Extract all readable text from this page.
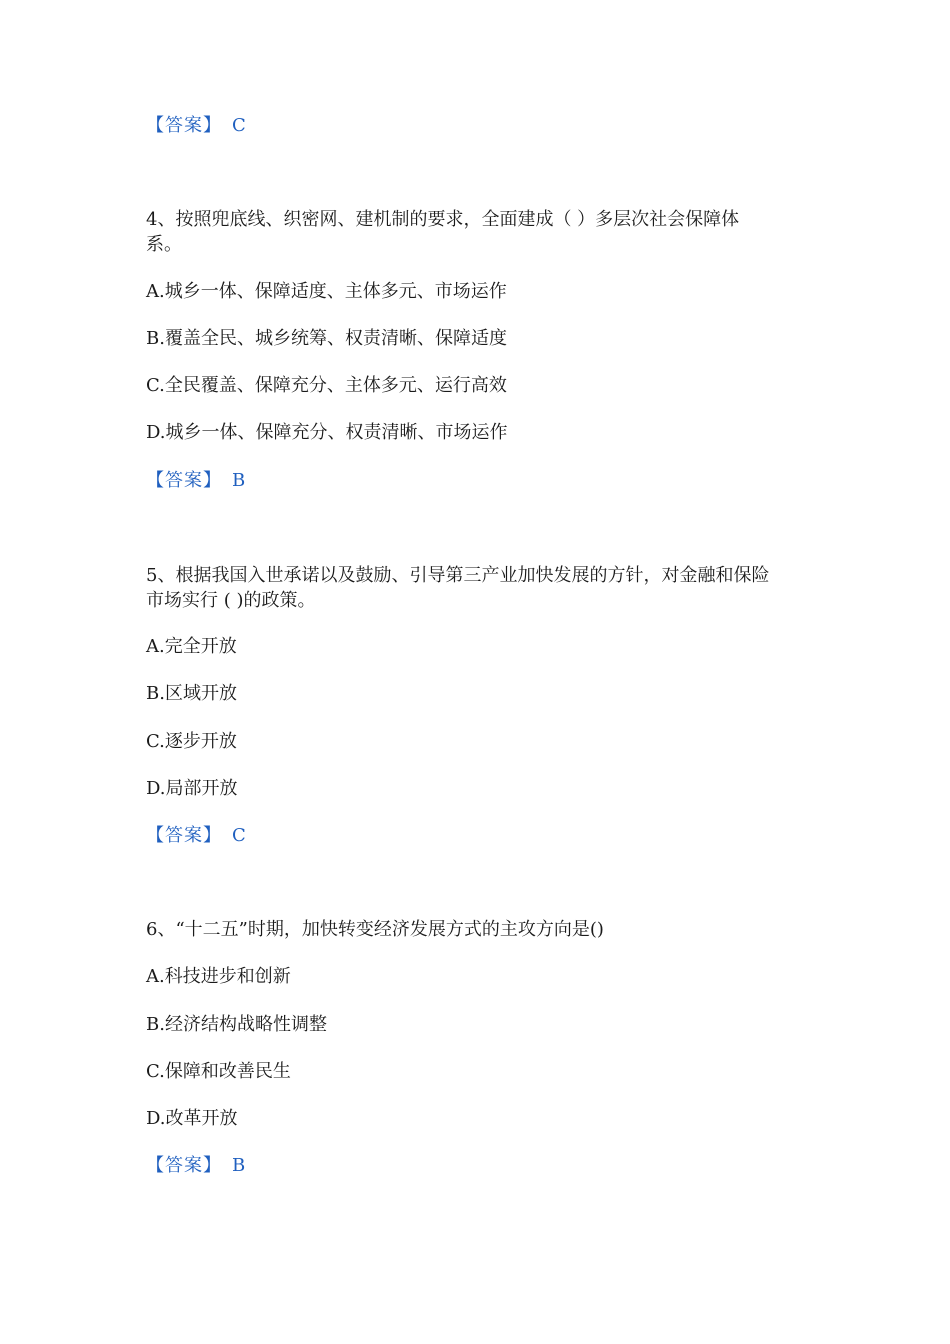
【答案】 C
4、按照兜底线、织密网、建机制的要求，全面建成（ ）多层次社会保障体
系。
A.城乡一体、保障适度、主体多元、市场运作
B.覆盖全民、城乡统筹、权责清晰、保障适度
C.全民覆盖、保障充分、主体多元、运行高效
D.城乡一体、保障充分、权责清晰、市场运作
【答案】 B
5、根据我国入世承诺以及鼓励、引导第三产业加快发展的方针，对金融和保险
市场实行 ( )的政策。
A.完全开放
B.区域开放
C.逐步开放
D.局部开放
【答案】 C
6、“十二五”时期，加快转变经济发展方式的主攻方向是()
A.科技进步和创新
B.经济结构战略性调整
C.保障和改善民生
D.改革开放
【答案】 B
